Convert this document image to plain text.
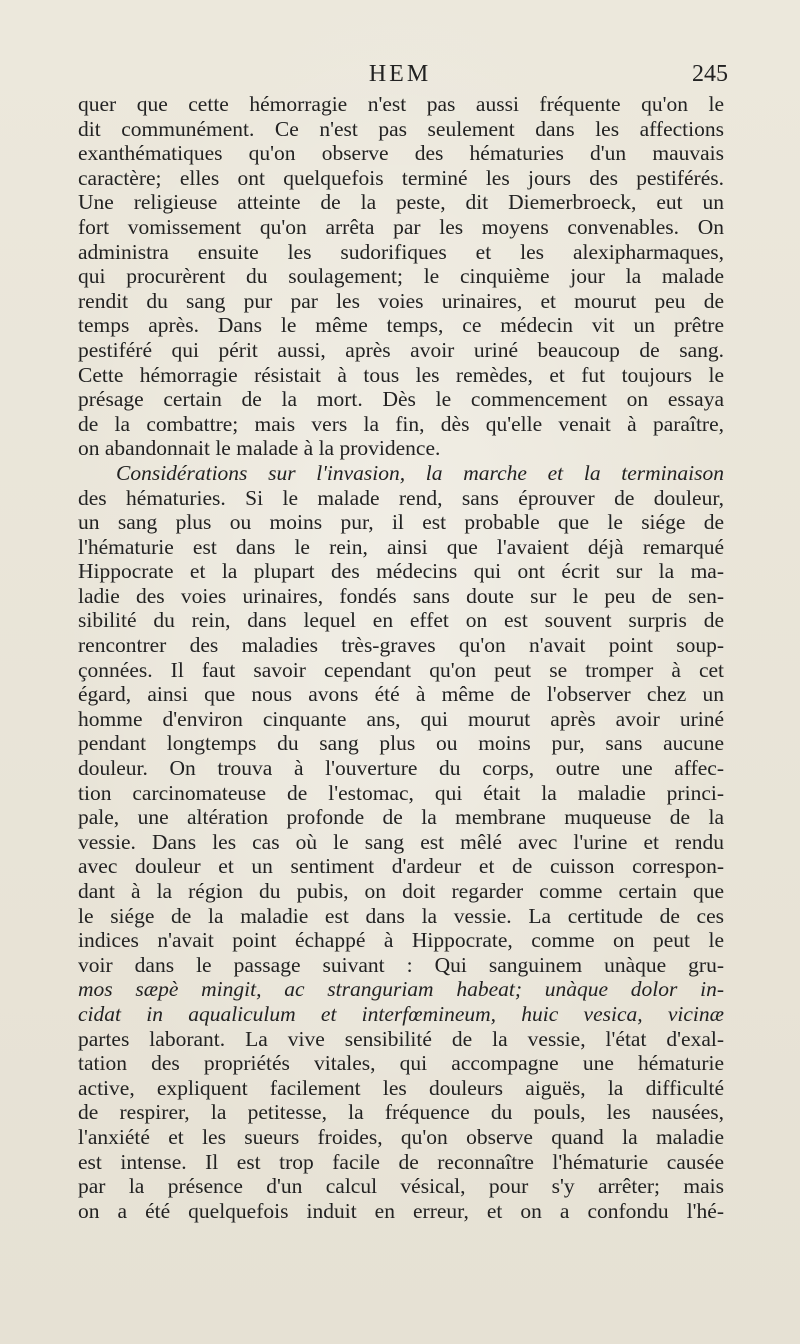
HEM	245
quer que cette hémorragie n'est pas aussi fréquente qu'on le
dit communément. Ce n'est pas seulement dans les affections
exanthématiques qu'on observe des hématuries d'un mauvais
caractère; elles ont quelquefois terminé les jours des pestiférés.
Une religieuse atteinte de la peste, dit Diemerbroeck, eut un
fort vomissement qu'on arrêta par les moyens convenables. On
administra ensuite les sudorifiques et les alexipharmaques,
qui procurèrent du soulagement; le cinquième jour la malade
rendit du sang pur par les voies urinaires, et mourut peu de
temps après. Dans le même temps, ce médecin vit un prêtre
pestiféré qui périt aussi, après avoir uriné beaucoup de sang.
Cette hémorragie résistait à tous les remèdes, et fut toujours le
présage certain de la mort. Dès le commencement on essaya
de la combattre; mais vers la fin, dès qu'elle venait à paraître,
on abandonnait le malade à la providence.
Considérations sur l'invasion, la marche et la terminaison
des hématuries. Si le malade rend, sans éprouver de douleur,
un sang plus ou moins pur, il est probable que le siége de
l'hématurie est dans le rein, ainsi que l'avaient déjà remarqué
Hippocrate et la plupart des médecins qui ont écrit sur la ma-
ladie des voies urinaires, fondés sans doute sur le peu de sen-
sibilité du rein, dans lequel en effet on est souvent surpris de
rencontrer des maladies très-graves qu'on n'avait point soup-
çonnées. Il faut savoir cependant qu'on peut se tromper à cet
égard, ainsi que nous avons été à même de l'observer chez un
homme d'environ cinquante ans, qui mourut après avoir uriné
pendant longtemps du sang plus ou moins pur, sans aucune
douleur. On trouva à l'ouverture du corps, outre une affec-
tion carcinomateuse de l'estomac, qui était la maladie princi-
pale, une altération profonde de la membrane muqueuse de la
vessie. Dans les cas où le sang est mêlé avec l'urine et rendu
avec douleur et un sentiment d'ardeur et de cuisson correspon-
dant à la région du pubis, on doit regarder comme certain que
le siége de la maladie est dans la vessie. La certitude de ces
indices n'avait point échappé à Hippocrate, comme on peut le
voir dans le passage suivant : Qui sanguinem unàque gru-
mos sæpè mingit, ac stranguriam habeat; unàque dolor in-
cidat in aqualiculum et interfœmineum, huic vesica, vicinæ
partes laborant. La vive sensibilité de la vessie, l'état d'exal-
tation des propriétés vitales, qui accompagne une hématurie
active, expliquent facilement les douleurs aiguës, la difficulté
de respirer, la petitesse, la fréquence du pouls, les nausées,
l'anxiété et les sueurs froides, qu'on observe quand la maladie
est intense. Il est trop facile de reconnaître l'hématurie causée
par la présence d'un calcul vésical, pour s'y arrêter; mais
on a été quelquefois induit en erreur, et on a confondu l'hé-
